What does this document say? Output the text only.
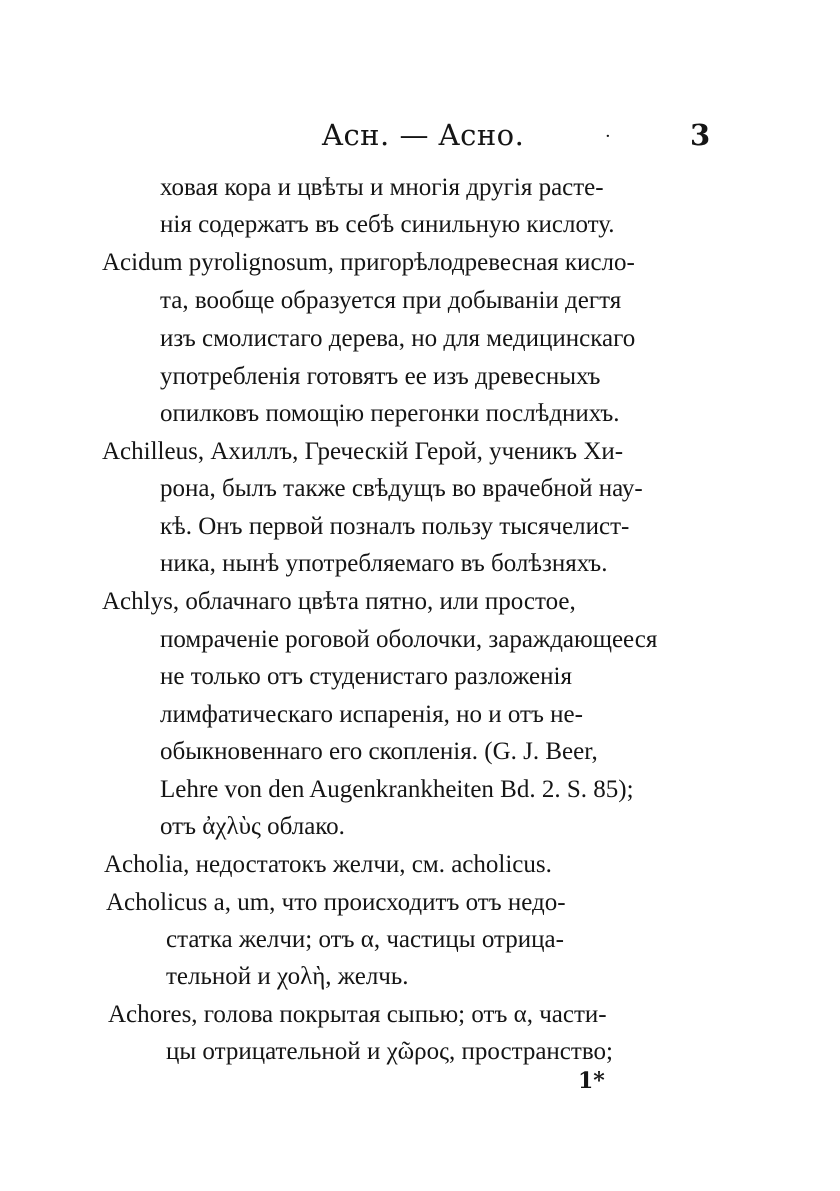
Acн. — Acно.	·	3
ховая кора и цвѣты и многія другія расте-
нія содержатъ въ себѣ синильную кислоту.
Acidum pyrolignosum, пригорѣлодревесная кисло-
та, вообще образуется при добываніи дегтя
изъ смолистаго дерева, но для медицинскаго
употребленія готовятъ ее изъ древесныхъ
опилковъ помощію перегонки послѣднихъ.
Achilleus, Ахиллъ, Греческій Герой, ученикъ Хи-
рона, былъ также свѣдущъ во врачебной нау-
кѣ. Онъ первой позналъ пользу тысячелист-
ника, нынѣ употребляемаго въ болѣзняхъ.
Achlys, облачнаго цвѣта пятно, или простое,
помраченіе роговой оболочки, зараждающееся
не только отъ студенистаго разложенія
лимфатическаго испаренія, но и отъ не-
обыкновеннаго его скопленія. (G. J. Beer,
Lehre von den Augenkrankheiten Bd. 2. S. 85);
отъ ἀχλὺς облако.
Acholia, недостатокъ желчи, см. acholicus.
Acholicus a, um, что происходитъ отъ недо-
статка желчи; отъ α, частицы отрица-
тельной и χολὴ, желчь.
Achores, голова покрытая сыпью; отъ α, части-
цы отрицательной и χῶρος, пространство;
1*
